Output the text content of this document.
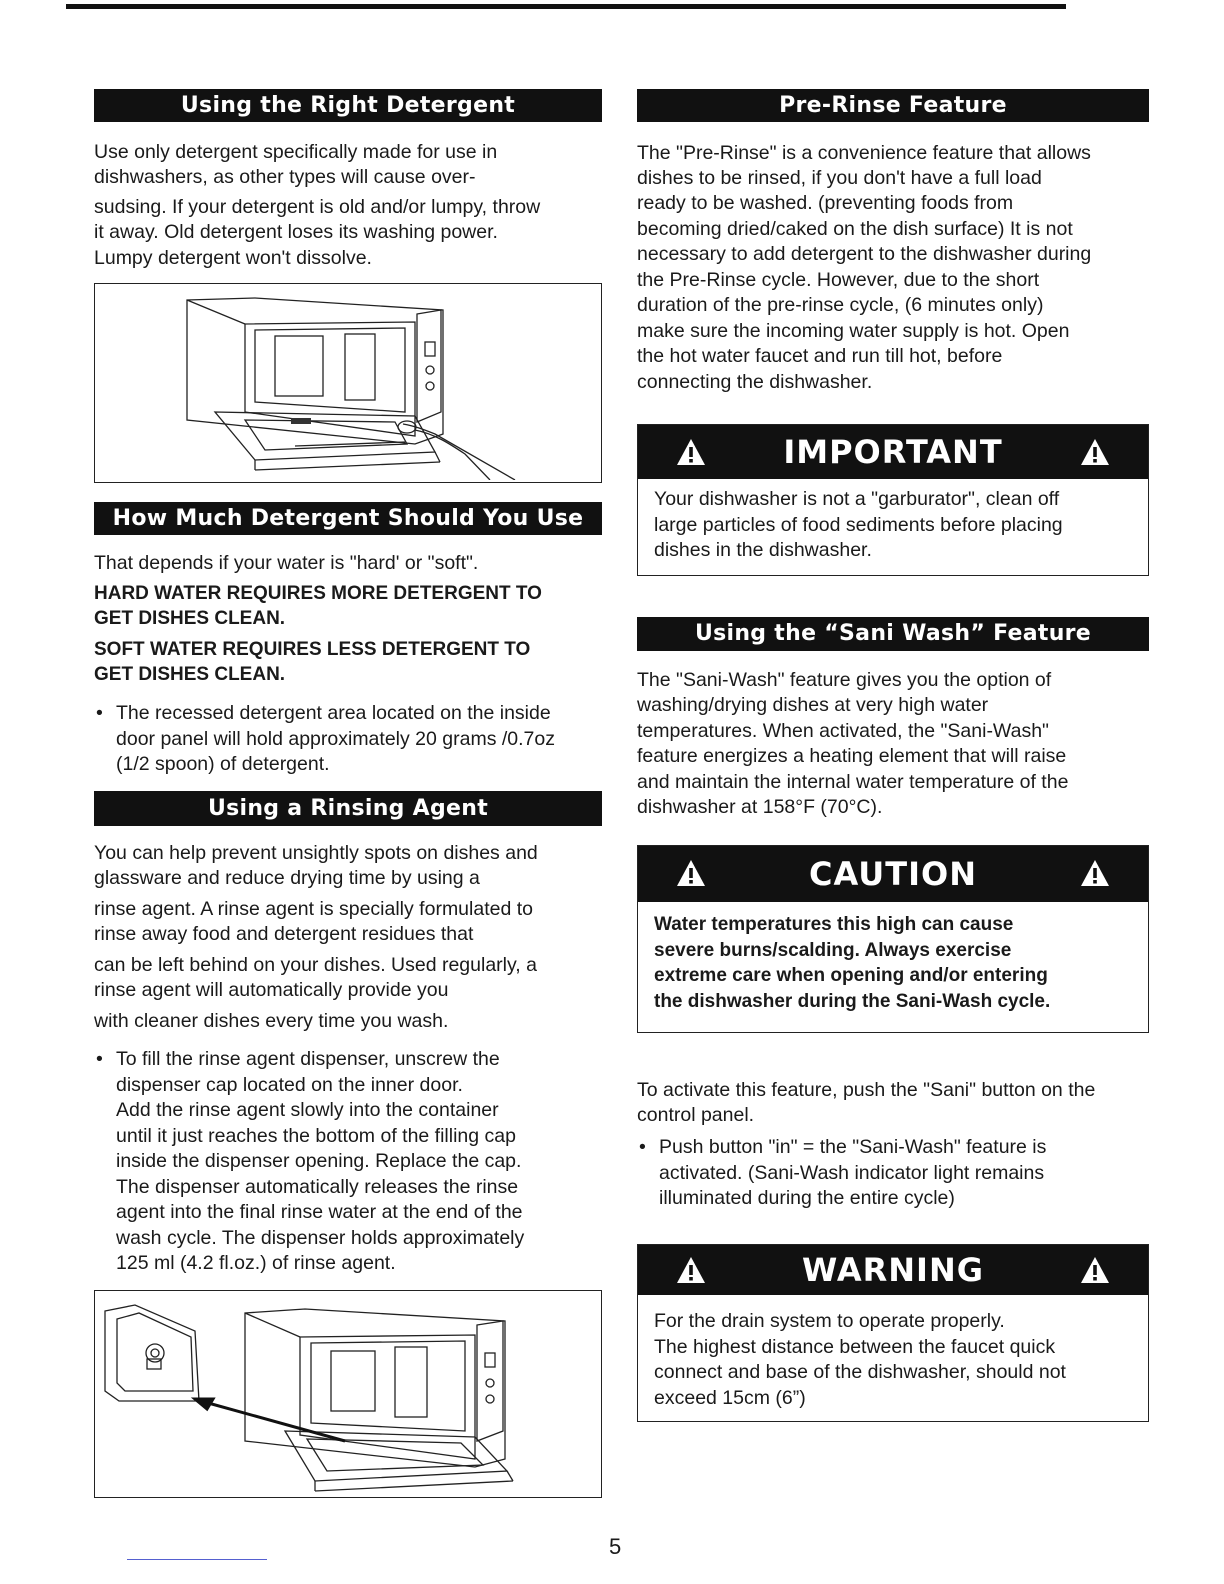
Using the Right Detergent

Use only detergent specifically made for use in

dishwashers, as other types will cause over-

sudsing. If your detergent is old and/or lumpy, throw

it away. Old detergent loses its washing power.

Lumpy detergent won't dissolve.

How Much Detergent Should You Use

That depends if your water is "hard' or "soft".

HARD WATER REQUIRES MORE DETERGENT TO

GET DISHES CLEAN.

SOFT WATER REQUIRES LESS DETERGENT TO

GET DISHES CLEAN.

• The recessed detergent area located on the inside
door panel will hold approximately 20 grams /0.7oz
(1/2 spoon) of detergent.
Using a Rinsing Agent

You can help prevent unsightly spots on dishes and

glassware and reduce drying time by using a

rinse agent. A rinse agent is specially formulated to

rinse away food and detergent residues that

can be left behind on your dishes. Used regularly, a

rinse agent will automatically provide you

with cleaner dishes every time you wash.

• To fill the rinse agent dispenser, unscrew the
dispenser cap located on the inner door.
Add the rinse agent slowly into the container
until it just reaches the bottom of the filling cap
inside the dispenser opening. Replace the cap.
The dispenser automatically releases the rinse
agent into the final rinse water at the end of the
wash cycle. The dispenser holds approximately
125 ml (4.2 fl.oz.) of rinse agent.
Pre-Rinse Feature

The "Pre-Rinse" is a convenience feature that allows

dishes to be rinsed, if you don't have a full load

ready to be washed. (preventing foods from

becoming dried/caked on the dish surface) It is not

necessary to add detergent to the dishwasher during

the Pre-Rinse cycle. However, due to the short

duration of the pre-rinse cycle, (6 minutes only)

make sure the incoming water supply is hot. Open

the hot water faucet and run till hot, before

connecting the dishwasher.

IMPORTANT
Your dishwasher is not a "garburator", clean off
large particles of food sediments before placing
dishes in the dishwasher.
Using the “Sani Wash” Feature

The "Sani-Wash" feature gives you the option of

washing/drying dishes at very high water

temperatures. When activated, the "Sani-Wash"

feature energizes a heating element that will raise

and maintain the internal water temperature of the

dishwasher at 158°F (70°C).

CAUTION
Water temperatures this high can cause
severe burns/scalding. Always exercise
extreme care when opening and/or entering
the dishwasher during the Sani-Wash cycle.

To activate this feature, push the "Sani" button on the

control panel.

• Push button "in" = the "Sani-Wash" feature is
activated. (Sani-Wash indicator light remains
illuminated during the entire cycle)
WARNING
For the drain system to operate properly.
The highest distance between the faucet quick
connect and base of the dishwasher, should not
exceed 15cm (6”)
5
